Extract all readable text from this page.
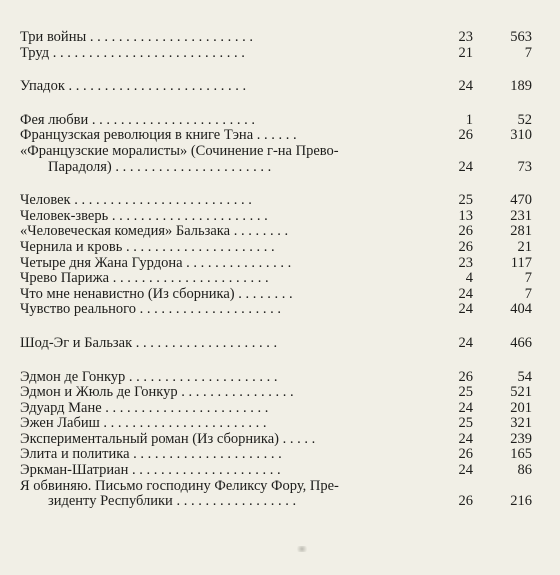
Три войны . . . . . . . . . . . . . . . . . . . . . . .	23	563
Труд . . . . . . . . . . . . . . . . . . . . . . . . . . .	21	7
Упадок . . . . . . . . . . . . . . . . . . . . . . . . .	24	189
Фея любви . . . . . . . . . . . . . . . . . . . . . . .	1	52
Французская революция в книге Тэна . . . . . .	26	310
«Французские моралисты» (Сочинение г-на Прево-
Парадоля) . . . . . . . . . . . . . . . . . . . . . .	24	73
Человек . . . . . . . . . . . . . . . . . . . . . . . . .	25	470
Человек-зверь . . . . . . . . . . . . . . . . . . . . . .	13	231
«Человеческая комедия» Бальзака . . . . . . . .	26	281
Чернила и кровь . . . . . . . . . . . . . . . . . . . . .	26	21
Четыре дня Жана Гурдона . . . . . . . . . . . . . . .	23	117
Чрево Парижа . . . . . . . . . . . . . . . . . . . . . .	4	7
Что мне ненавистно (Из сборника) . . . . . . . .	24	7
Чувство реального . . . . . . . . . . . . . . . . . . . .	24	404
Шод-Эг и Бальзак . . . . . . . . . . . . . . . . . . . .	24	466
Эдмон де Гонкур . . . . . . . . . . . . . . . . . . . . .	26	54
Эдмон и Жюль де Гонкур . . . . . . . . . . . . . . . .	25	521
Эдуард Мане . . . . . . . . . . . . . . . . . . . . . . .	24	201
Эжен Лабиш . . . . . . . . . . . . . . . . . . . . . . .	25	321
Экспериментальный роман (Из сборника) . . . . .	24	239
Элита и политика . . . . . . . . . . . . . . . . . . . . .	26	165
Эркман-Шатриан . . . . . . . . . . . . . . . . . . . . .	24	86
Я обвиняю. Письмо господину Феликсу Фору, Пре-
зиденту Республики . . . . . . . . . . . . . . . . .	26	216
